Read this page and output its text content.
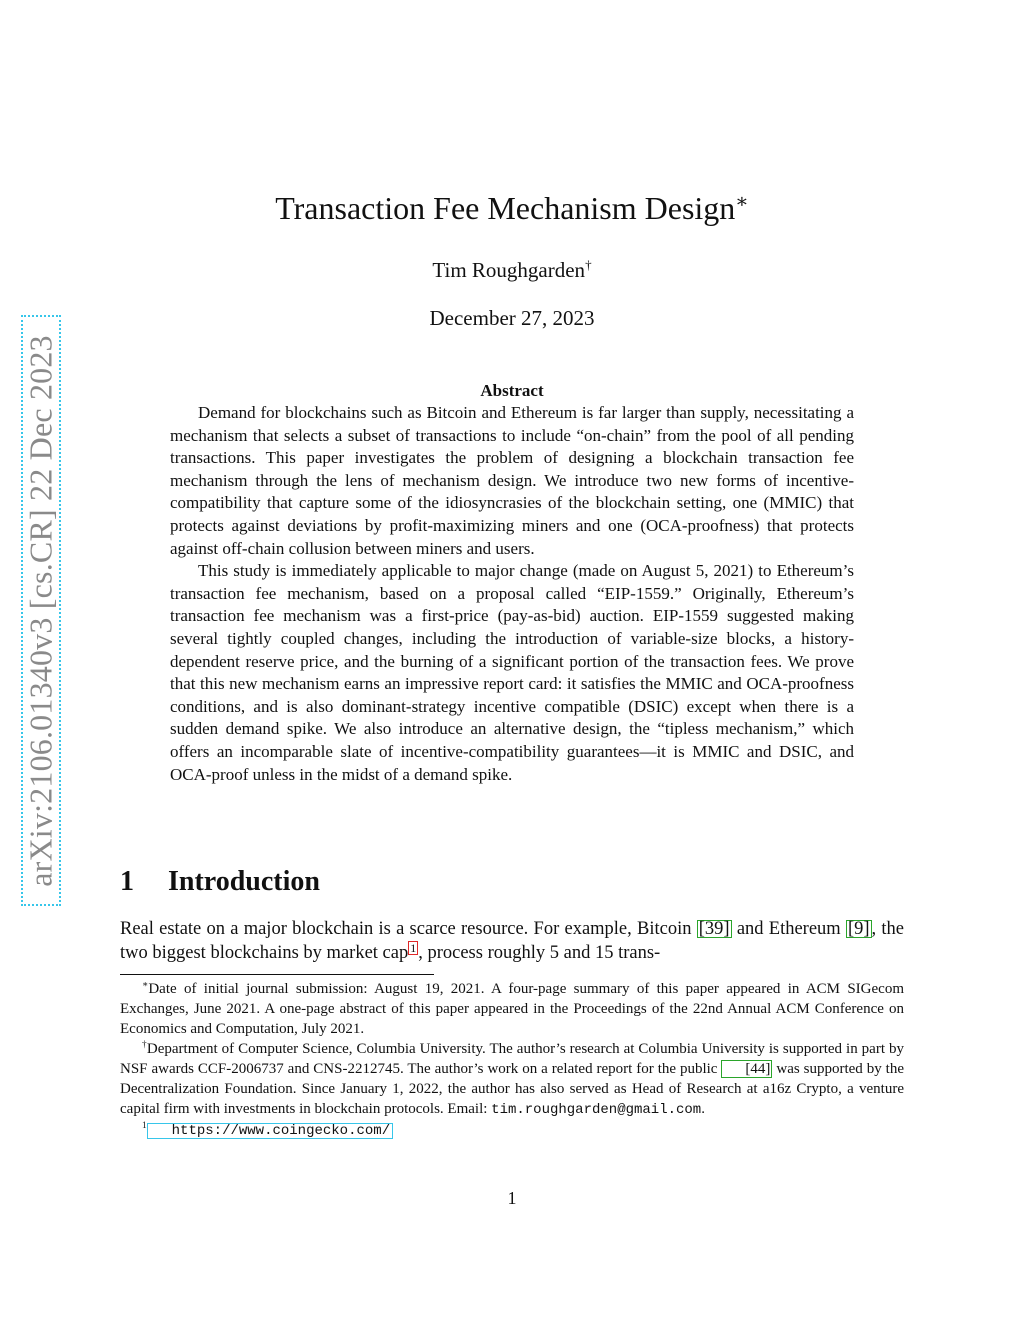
arXiv:2106.01340v3 [cs.CR] 22 Dec 2023
Transaction Fee Mechanism Design∗
Tim Roughgarden†
December 27, 2023
Abstract

Demand for blockchains such as Bitcoin and Ethereum is far larger than supply, necessitating a mechanism that selects a subset of transactions to include “on-chain” from the pool of all pending transactions. This paper investigates the problem of designing a blockchain transaction fee mechanism through the lens of mechanism design. We introduce two new forms of incentive-compatibility that capture some of the idiosyncrasies of the blockchain setting, one (MMIC) that protects against deviations by profit-maximizing miners and one (OCA-proofness) that protects against off-chain collusion between miners and users.

This study is immediately applicable to major change (made on August 5, 2021) to Ethereum’s transaction fee mechanism, based on a proposal called “EIP-1559.” Originally, Ethereum’s transaction fee mechanism was a first-price (pay-as-bid) auction. EIP-1559 suggested making several tightly coupled changes, including the introduction of variable-size blocks, a history-dependent reserve price, and the burning of a significant portion of the transaction fees. We prove that this new mechanism earns an impressive report card: it satisfies the MMIC and OCA-proofness conditions, and is also dominant-strategy incentive compatible (DSIC) except when there is a sudden demand spike. We also introduce an alternative design, the “tipless mechanism,” which offers an incomparable slate of incentive-compatibility guarantees—it is MMIC and DSIC, and OCA-proof unless in the midst of a demand spike.

1 Introduction

Real estate on a major blockchain is a scarce resource. For example, Bitcoin [39] and Ethereum [9] , the two biggest blockchains by market cap 1 , process roughly 5 and 15 trans-

∗Date of initial journal submission: August 19, 2021. A four-page summary of this paper appeared in ACM SIGecom Exchanges, June 2021. A one-page abstract of this paper appeared in the Proceedings of the 22nd Annual ACM Conference on Economics and Computation, July 2021.

†Department of Computer Science, Columbia University. The author’s research at Columbia University is supported in part by NSF awards CCF-2006737 and CNS-2212745. The author’s work on a related report for the public [44] was supported by the Decentralization Foundation. Since January 1, 2022, the author has also served as Head of Research at a16z Crypto, a venture capital firm with investments in blockchain protocols. Email: tim.roughgarden@gmail.com.

$^1$ https://www.coingecko.com/

1
